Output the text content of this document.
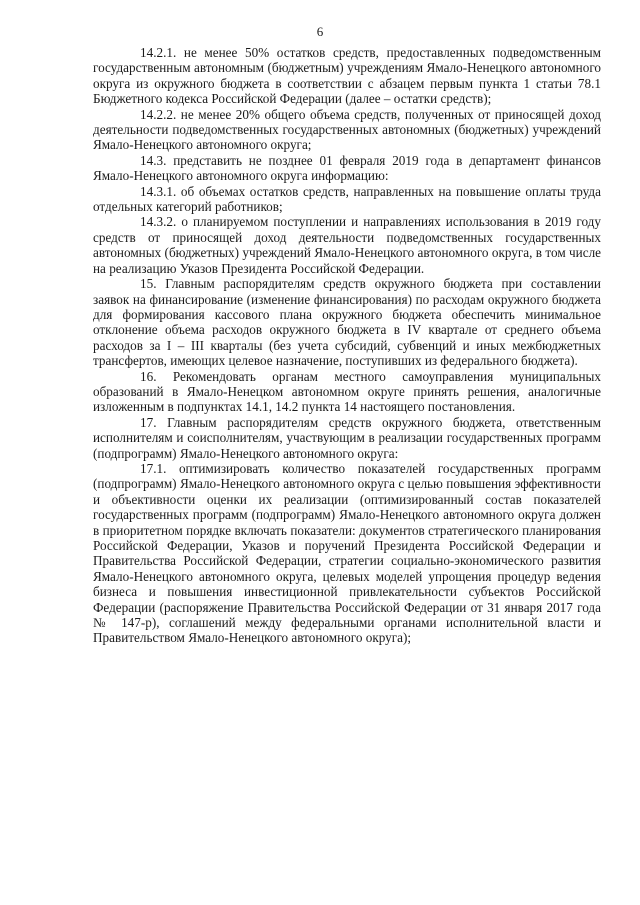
6

14.2.1. не менее 50% остатков средств, предоставленных подведомственным государственным автономным (бюджетным) учреждениям Ямало-Ненецкого автономного округа из окружного бюджета в соответствии с абзацем первым пункта 1 статьи 78.1 Бюджетного кодекса Российской Федерации (далее – остатки средств);

14.2.2. не менее 20% общего объема средств, полученных от приносящей доход деятельности подведомственных государственных автономных (бюджетных) учреждений Ямало-Ненецкого автономного округа;

14.3. представить не позднее 01 февраля 2019 года в департамент финансов Ямало-Ненецкого автономного округа информацию:

14.3.1. об объемах остатков средств, направленных на повышение оплаты труда отдельных категорий работников;

14.3.2. о планируемом поступлении и направлениях использования в 2019 году средств от приносящей доход деятельности подведомственных государственных автономных (бюджетных) учреждений Ямало-Ненецкого автономного округа, в том числе на реализацию Указов Президента Российской Федерации.

15. Главным распорядителям средств окружного бюджета при составлении заявок на финансирование (изменение финансирования) по расходам окружного бюджета для формирования кассового плана окружного бюджета обеспечить минимальное отклонение объема расходов окружного бюджета в IV квартале от среднего объема расходов за I – III кварталы (без учета субсидий, субвенций и иных межбюджетных трансфертов, имеющих целевое назначение, поступивших из федерального бюджета).

16. Рекомендовать органам местного самоуправления муниципальных образований в Ямало-Ненецком автономном округе принять решения, аналогичные изложенным в подпунктах 14.1, 14.2 пункта 14 настоящего постановления.

17. Главным распорядителям средств окружного бюджета, ответственным исполнителям и соисполнителям, участвующим в реализации государственных программ (подпрограмм) Ямало-Ненецкого автономного округа:

17.1. оптимизировать количество показателей государственных программ (подпрограмм) Ямало-Ненецкого автономного округа с целью повышения эффективности и объективности оценки их реализации (оптимизированный состав показателей государственных программ (подпрограмм) Ямало-Ненецкого автономного округа должен в приоритетном порядке включать показатели: документов стратегического планирования Российской Федерации, Указов и поручений Президента Российской Федерации и Правительства Российской Федерации, стратегии социально-экономического развития Ямало-Ненецкого автономного округа, целевых моделей упрощения процедур ведения бизнеса и повышения инвестиционной привлекательности субъектов Российской Федерации (распоряжение Правительства Российской Федерации от 31 января 2017 года № 147-р), соглашений между федеральными органами исполнительной власти и Правительством Ямало-Ненецкого автономного округа);
